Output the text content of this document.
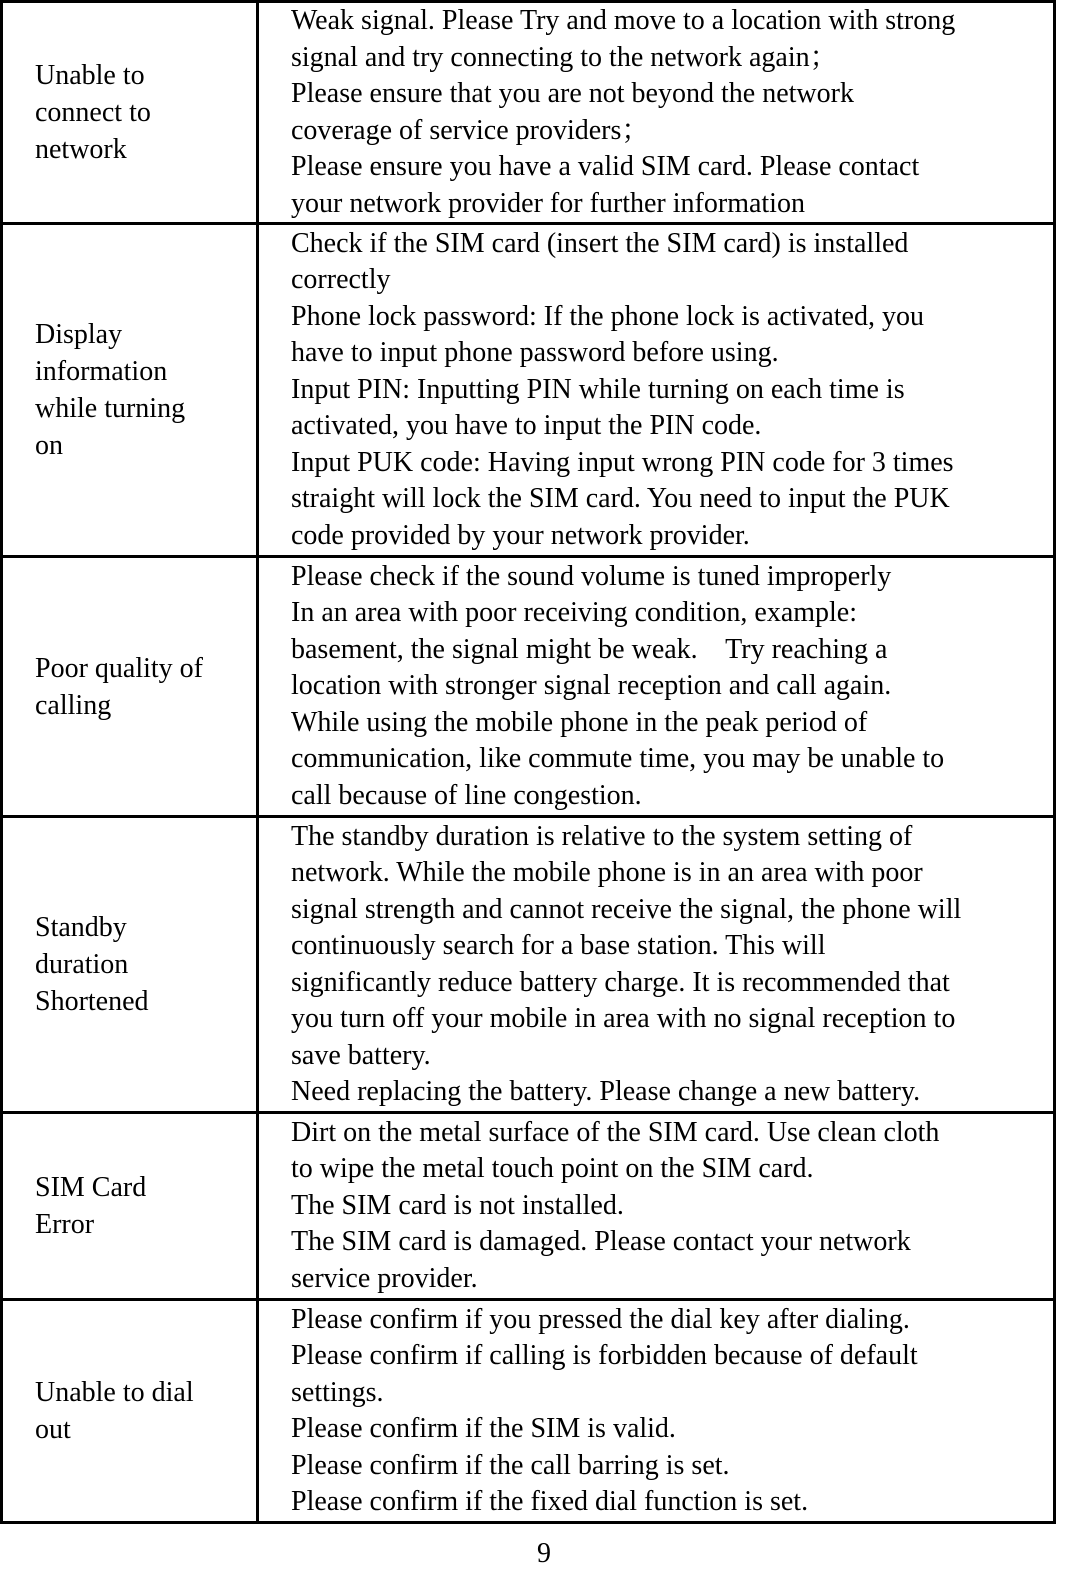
Unable to
connect to
network
Weak signal. Please Try and move to a location with strong
signal and try connecting to the network again；
Please ensure that you are not beyond the network
coverage of service providers；
Please ensure you have a valid SIM card. Please contact
your network provider for further information
Display
information
while turning
on
Check if the SIM card (insert the SIM card) is installed
correctly
Phone lock password: If the phone lock is activated, you
have to input phone password before using.
Input PIN: Inputting PIN while turning on each time is
activated, you have to input the PIN code.
Input PUK code: Having input wrong PIN code for 3 times
straight will lock the SIM card. You need to input the PUK
code provided by your network provider.
Poor quality of
calling
Please check if the sound volume is tuned improperly
In an area with poor receiving condition, example:
basement, the signal might be weak.    Try reaching a
location with stronger signal reception and call again.
While using the mobile phone in the peak period of
communication, like commute time, you may be unable to
call because of line congestion.
Standby
duration
Shortened
The standby duration is relative to the system setting of
network. While the mobile phone is in an area with poor
signal strength and cannot receive the signal, the phone will
continuously search for a base station. This will
significantly reduce battery charge. It is recommended that
you turn off your mobile in area with no signal reception to
save battery.
Need replacing the battery. Please change a new battery.
SIM Card
Error
Dirt on the metal surface of the SIM card. Use clean cloth
to wipe the metal touch point on the SIM card.
The SIM card is not installed.
The SIM card is damaged. Please contact your network
service provider.
Unable to dial
out
Please confirm if you pressed the dial key after dialing.
Please confirm if calling is forbidden because of default
settings.
Please confirm if the SIM is valid.
Please confirm if the call barring is set.
Please confirm if the fixed dial function is set.
9
